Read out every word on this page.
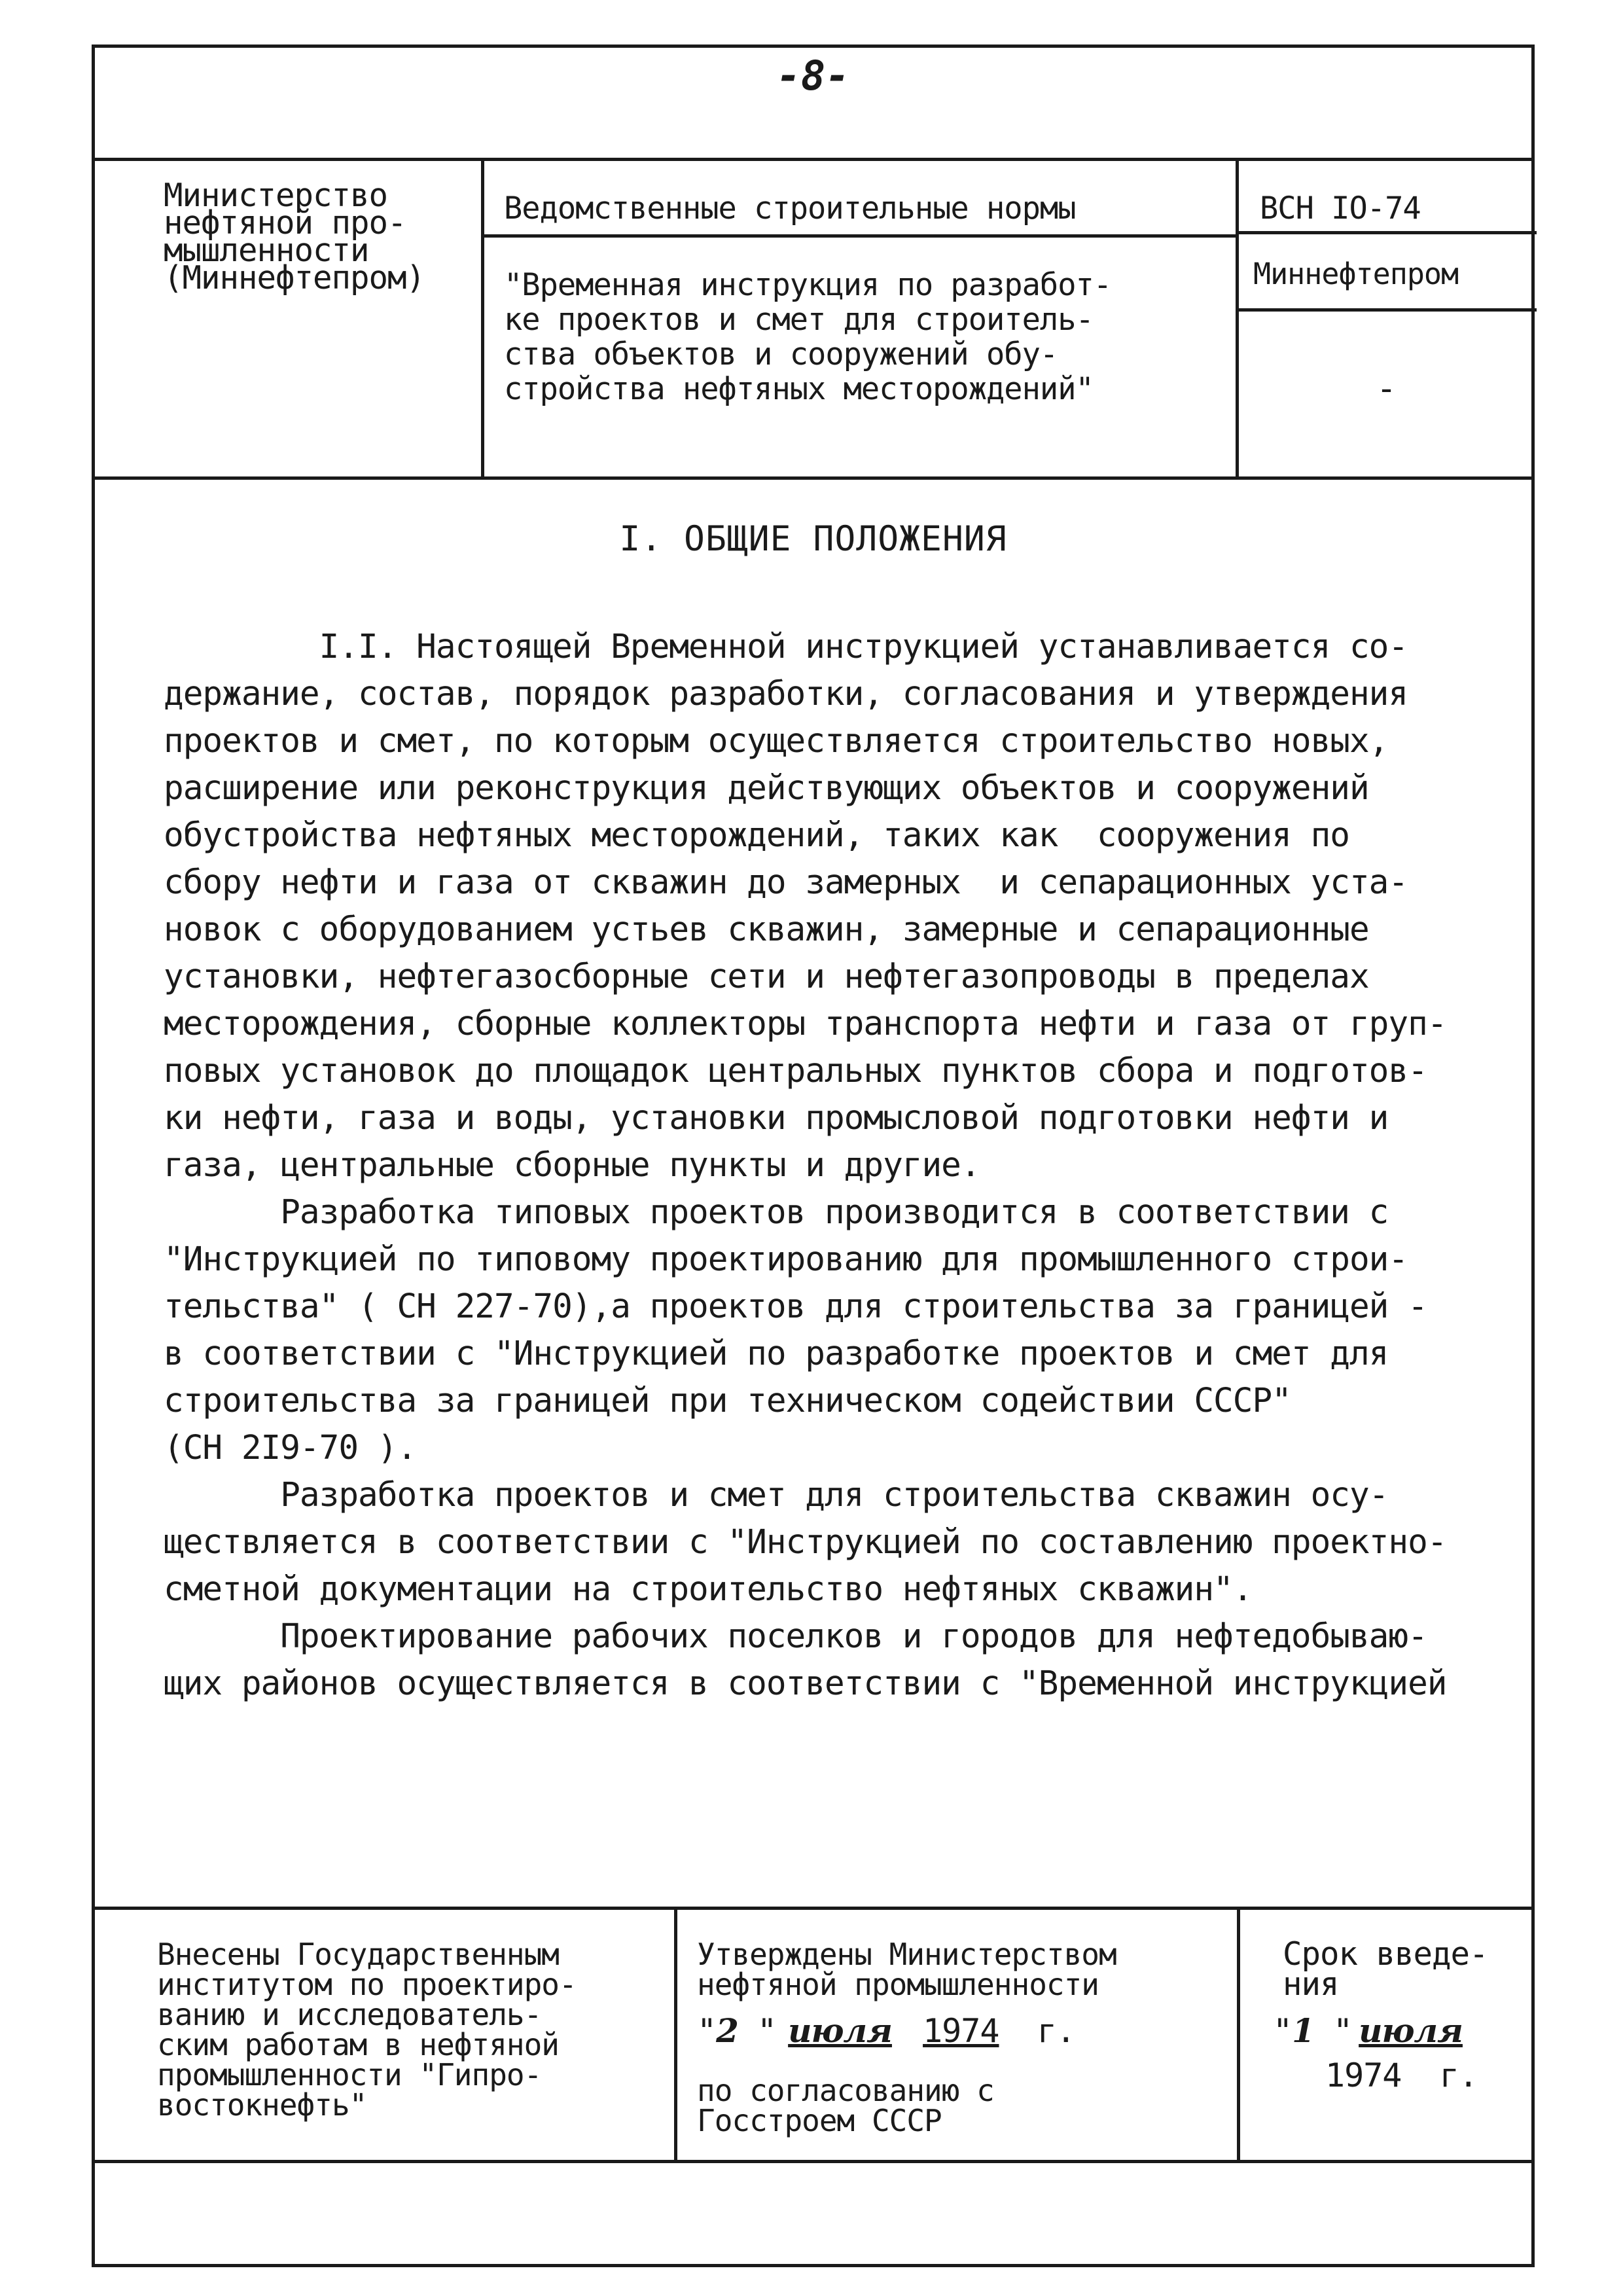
-8-
Министерство
нефтяной про-
мышленности
(Миннефтепром)
Ведомственные строительные нормы
"Временная инструкция по разработ-
ке проектов и смет для строитель-
ства объектов и сооружений обу-
стройства нефтяных месторождений"
ВСН IO-74
Миннефтепром
-
I. ОБЩИЕ ПОЛОЖЕНИЯ
I.I. Настоящей Временной инструкцией устанавливается со-
держание, состав, порядок разработки, согласования и утверждения
проектов и смет, по которым осуществляется строительство новых,
расширение или реконструкция действующих объектов и сооружений
обустройства нефтяных месторождений, таких как  сооружения по
сбору нефти и газа от скважин до замерных  и сепарационных уста-
новок с оборудованием устьев скважин, замерные и сепарационные
установки, нефтегазосборные сети и нефтегазопроводы в пределах
месторождения, сборные коллекторы транспорта нефти и газа от груп-
повых установок до площадок центральных пунктов сбора и подготов-
ки нефти, газа и воды, установки промысловой подготовки нефти и
газа, центральные сборные пункты и другие.
Разработка типовых проектов производится в соответствии с
"Инструкцией по типовому проектированию для промышленного строи-
тельства" ( СН 227-70),а проектов для строительства за границей -
в соответствии с "Инструкцией по разработке проектов и смет для
строительства за границей при техническом содействии СССР"
(СН 2I9-70 ).
Разработка проектов и смет для строительства скважин осу-
ществляется в соответствии с "Инструкцией по составлению проектно-
сметной документации на строительство нефтяных скважин".
Проектирование рабочих поселков и городов для нефтедобываю-
щих районов осуществляется в соответствии с "Временной инструкцией
Внесены Государственным
институтом по проектиро-
ванию и исследователь-
ским работам в нефтяной
промышленности "Гипро-
востокнефть"
Утверждены Министерством
нефтяной промышленности
"2 " июля 1974 г.
по согласованию с
Госстроем СССР
Срок введе-
ния
"1 " июля
1974 г.
